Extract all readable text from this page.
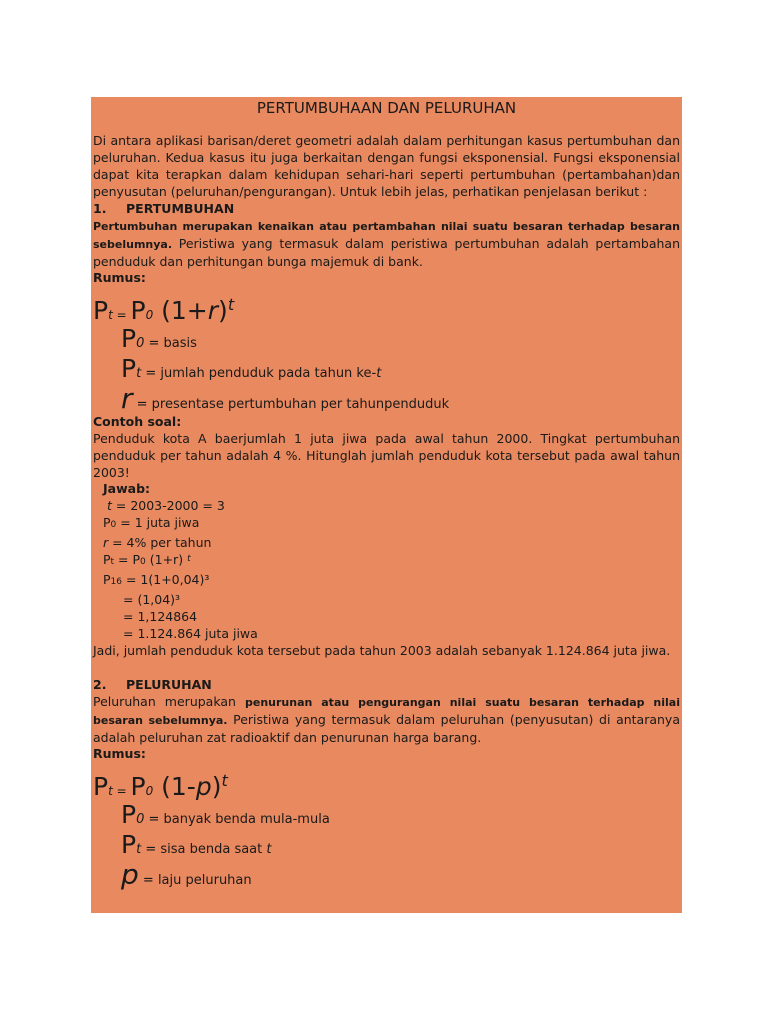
PERTUMBUHAAN DAN PELURUHAN

Di antara aplikasi barisan/deret geometri adalah dalam perhitungan kasus pertumbuhan dan peluruhan. Kedua kasus itu juga berkaitan dengan fungsi eksponensial. Fungsi eksponensial dapat kita terapkan dalam kehidupan sehari-hari seperti pertumbuhan (pertambahan)dan penyusutan (peluruhan/pengurangan). Untuk lebih jelas, perhatikan penjelasan berikut :

1. PERTUMBUHAN

Pertumbuhan merupakan kenaikan atau pertambahan nilai suatu besaran terhadap besaran sebelumnya. Peristiwa yang termasuk dalam peristiwa pertumbuhan adalah pertambahan penduduk dan perhitungan bunga majemuk di bank.

Rumus:
Pt = P0 $(1+r)^t$
P0 = basis
Pt = jumlah penduduk pada tahun ke-t
r = presentase pertumbuhan per tahunpenduduk
Contoh soal:

Penduduk kota A baerjumlah 1 juta jiwa pada awal tahun 2000. Tingkat pertumbuhan penduduk per tahun adalah 4 %. Hitunglah jumlah penduduk kota tersebut pada awal tahun 2003!

Jawab:
t = 2003-2000 = 3
P0 = 1 juta jiwa
r = 4% per tahun
Pt = P0 (1+r) $^t$
P16 = 1(1+0,04)³
= (1,04)³
= 1,124864
= 1.124.864 juta jiwa

Jadi, jumlah penduduk kota tersebut pada tahun 2003 adalah sebanyak 1.124.864 juta jiwa.

2. PELURUHAN

Peluruhan merupakan penurunan atau pengurangan nilai suatu besaran terhadap nilai besaran sebelumnya. Peristiwa yang termasuk dalam peluruhan (penyusutan) di antaranya adalah peluruhan zat radioaktif dan penurunan harga barang.

Rumus:
Pt = P0 $(1-p)^t$
P0 = banyak benda mula-mula
Pt = sisa benda saat t
p = laju peluruhan
